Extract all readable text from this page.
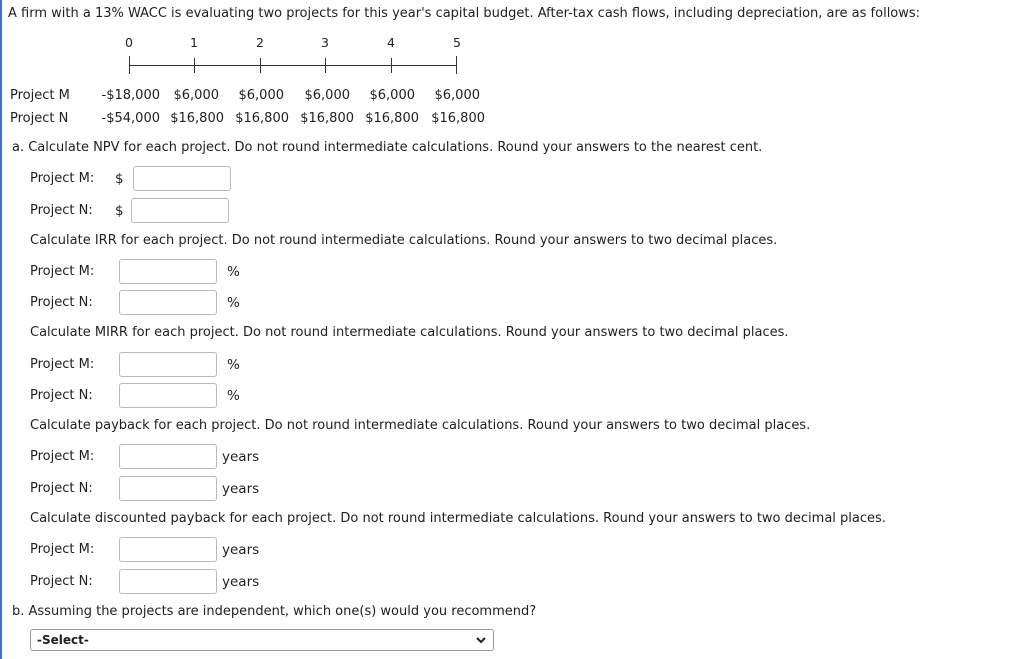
A firm with a 13% WACC is evaluating two projects for this year's capital budget. After-tax cash flows, including depreciation, are as follows:
0	1	2	3	4	5
Project M -$18,000 $6,000 $6,000 $6,000 $6,000 $6,000
Project N	-$54,000 $16,800 $16,800 $16,800 $16,800 $16,800
a. Calculate NPV for each project. Do not round intermediate calculations. Round your answers to the nearest cent.
Project M: $
Project N: $
Calculate IRR for each project. Do not round intermediate calculations. Round your answers to two decimal places.
Project M:	%
Project N:	%
Calculate MIRR for each project. Do not round intermediate calculations. Round your answers to two decimal places.
Project M:	%
Project N:	%
Calculate payback for each project. Do not round intermediate calculations. Round your answers to two decimal places.
Project M:	years
Project N:	years
Calculate discounted payback for each project. Do not round intermediate calculations. Round your answers to two decimal places.
Project M:	years
Project N:	years
b. Assuming the projects are independent, which one(s) would you recommend?
-Select-
